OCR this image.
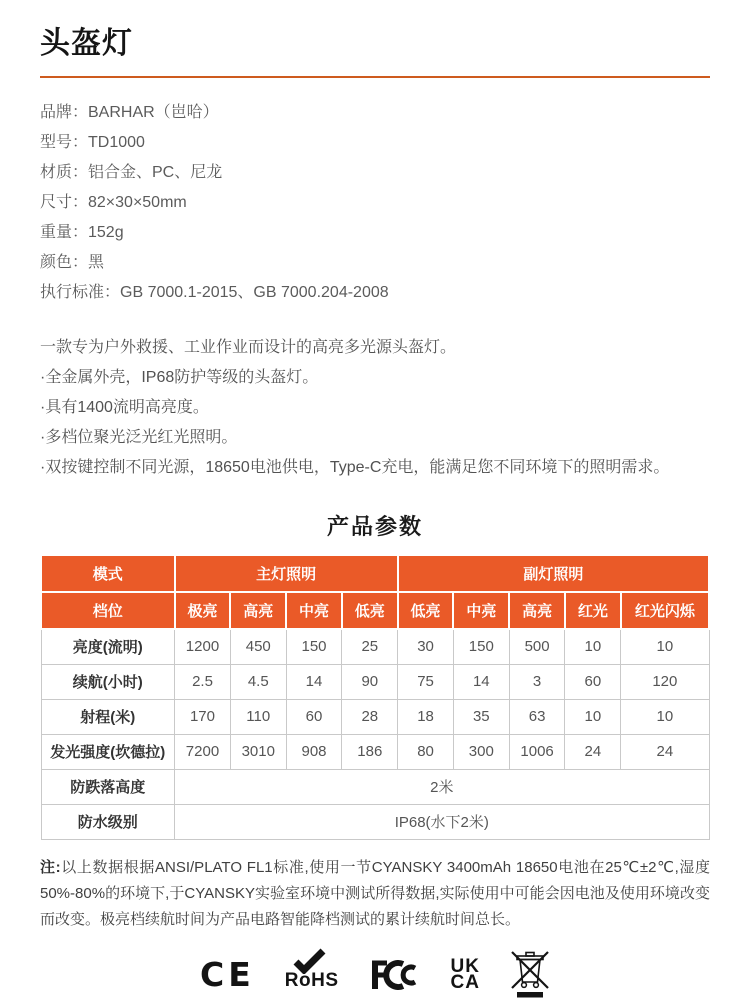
头盔灯

品牌：BARHAR（岜哈）

型号：TD1000

材质：铝合金、PC、尼龙

尺寸：82×30×50mm

重量：152g

颜色：黑

执行标准：GB 7000.1-2015、GB 7000.204-2008

一款专为户外救援、工业作业而设计的高亮多光源头盔灯。

·全金属外壳，IP68防护等级的头盔灯。

·具有1400流明高亮度。

·多档位聚光泛光红光照明。

·双按键控制不同光源，18650电池供电，Type-C充电，能满足您不同环境下的照明需求。

产品参数
模式	主灯照明				副灯照明				
档位	极亮	高亮	中亮	低亮	低亮	中亮	高亮	红光	红光闪烁
亮度(流明)	1200	450	150	25	30	150	500	10	10
续航(小时)	2.5	4.5	14	90	75	14	3	60	120
射程(米)	170	110	60	28	18	35	63	10	10
发光强度(坎德拉)	7200	3010	908	186	80	300	1006	24	24
防跌落高度	2米								
防水级别	IP68(水下2米)								

注:以上数据根据ANSI/PLATO FL1标准,使用一节CYANSKY 3400mAh 18650电池在25℃±2℃,湿度50%-80%的环境下,于CYANSKY实验室环境中测试所得数据,实际使用中可能会因电池及使用环境改变而改变。极亮档续航时间为产品电路智能降档测试的累计续航时间总长。

CE RoHS
UK
CA
